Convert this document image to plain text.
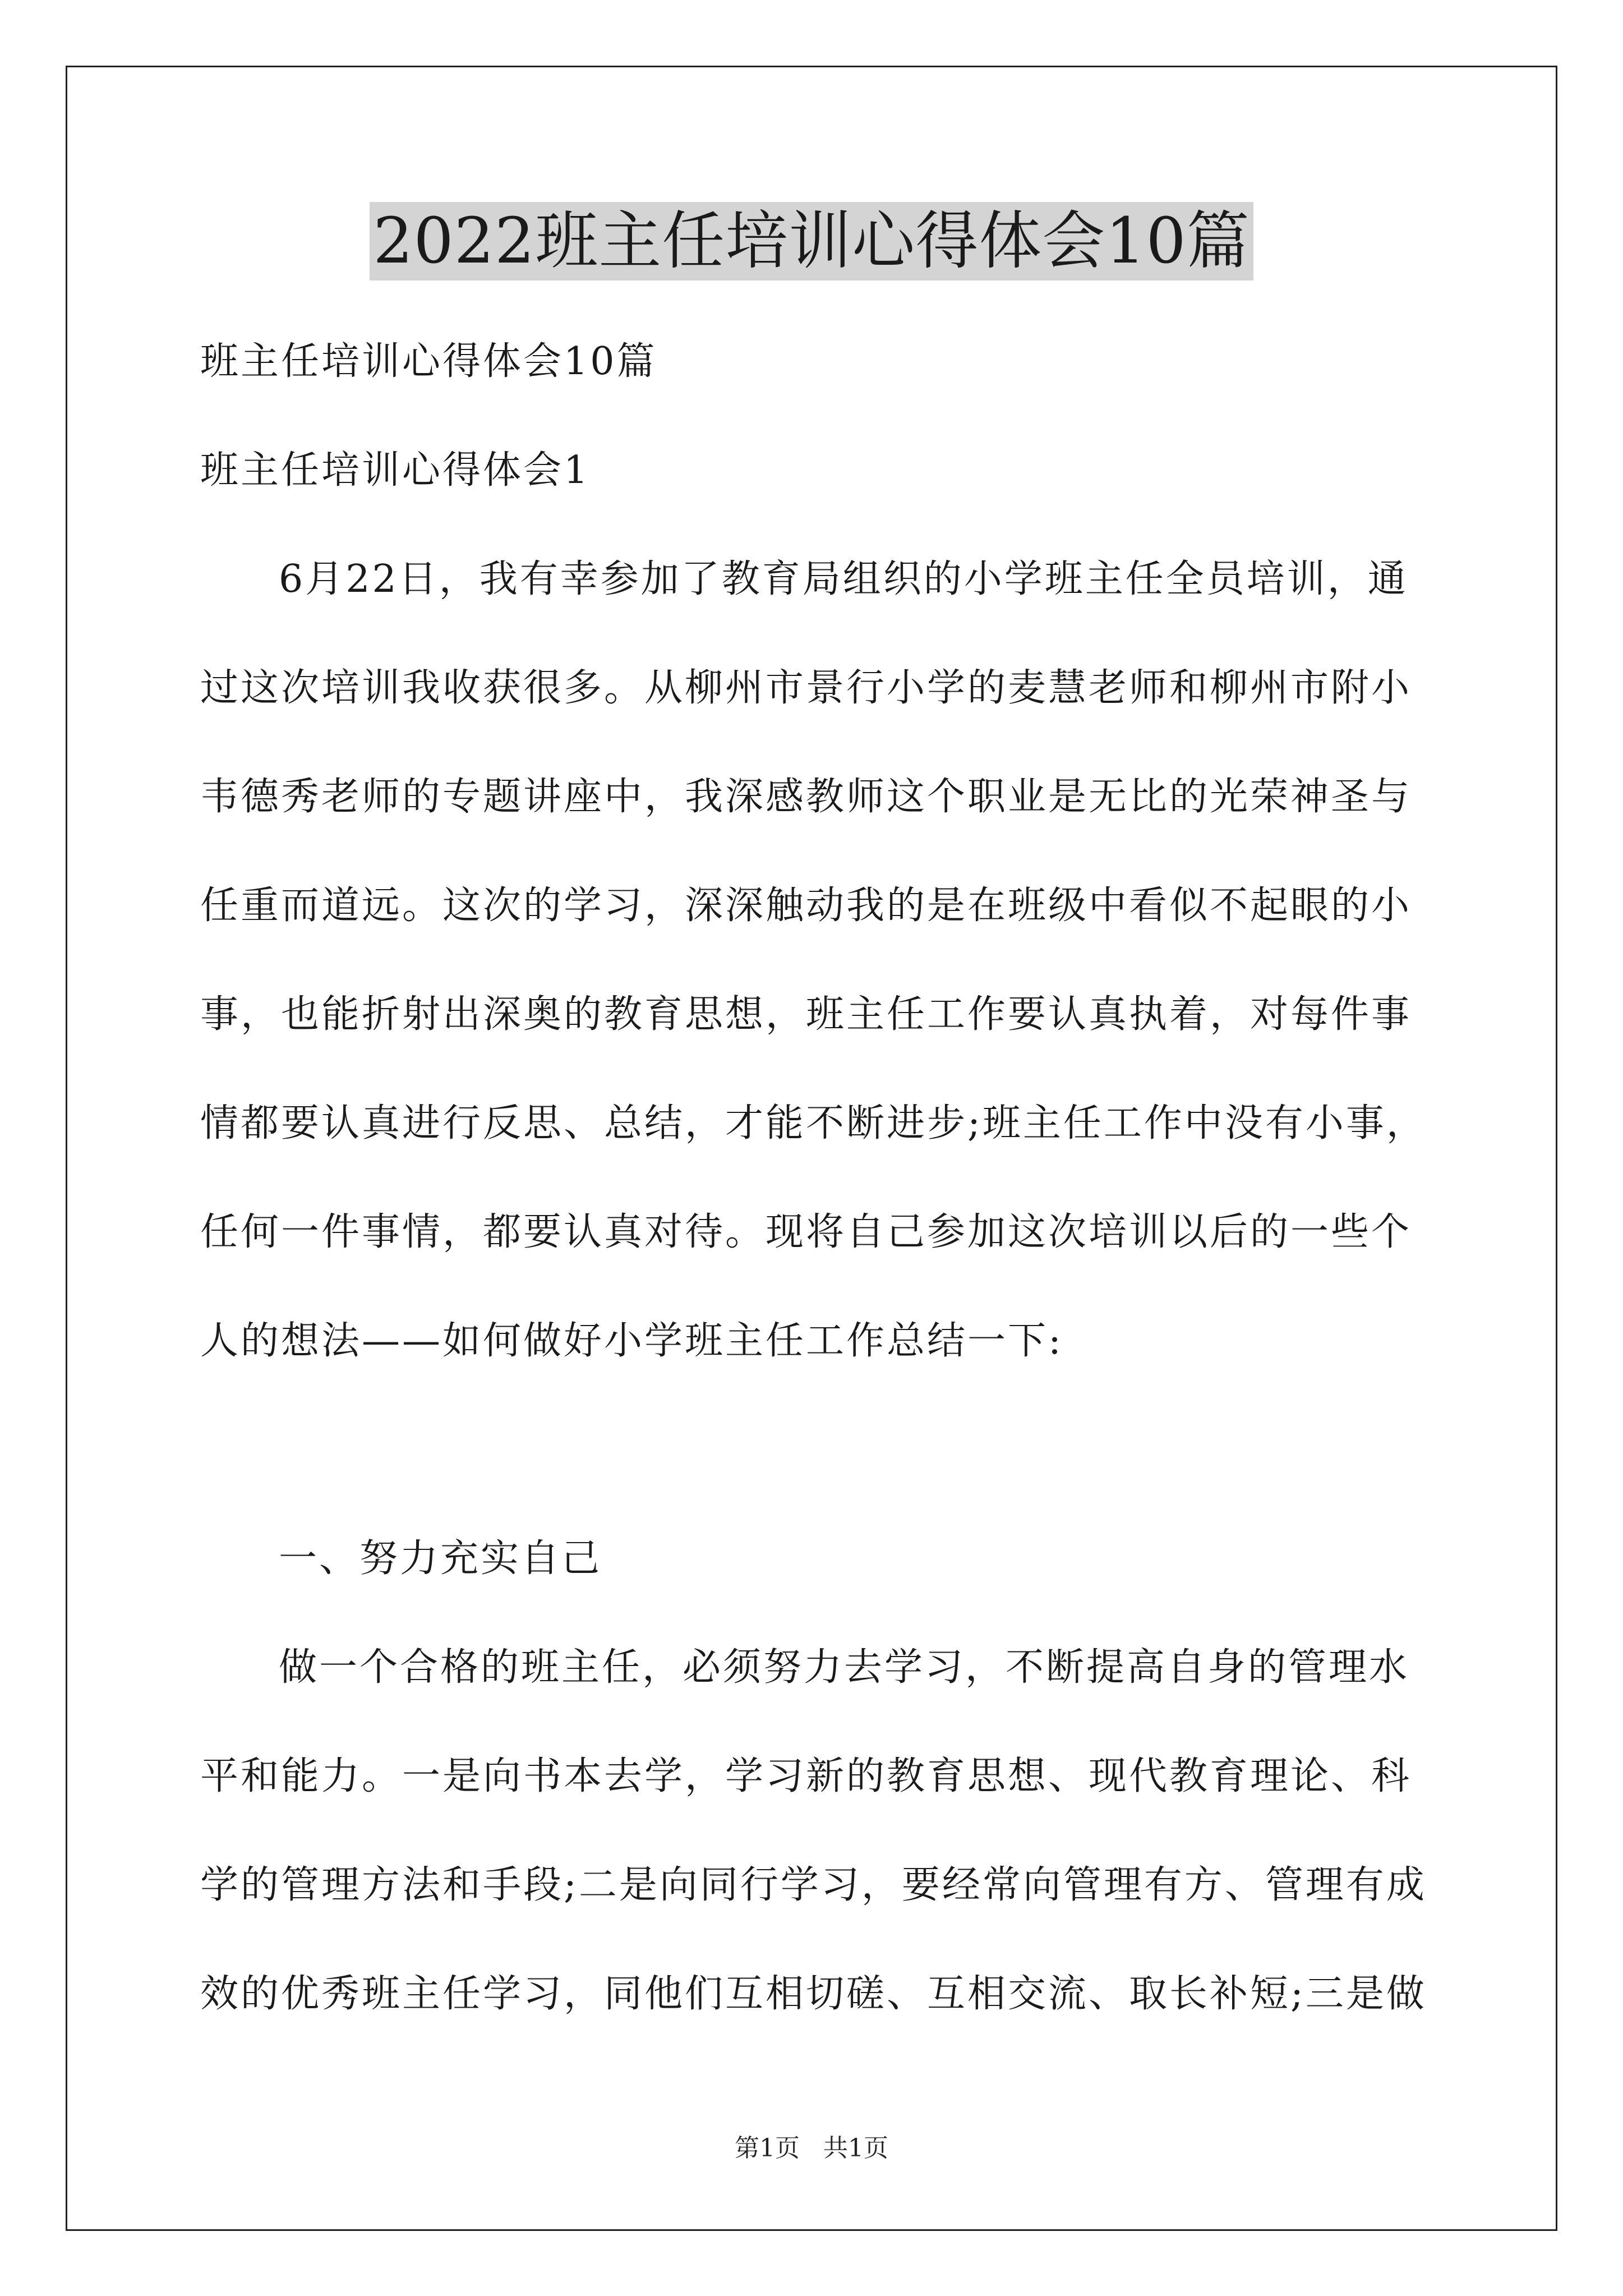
2022班主任培训心得体会10篇
班主任培训心得体会10篇
班主任培训心得体会1
6月22日，我有幸参加了教育局组织的小学班主任全员培训，通
过这次培训我收获很多。从柳州市景行小学的麦慧老师和柳州市附小
韦德秀老师的专题讲座中，我深感教师这个职业是无比的光荣神圣与
任重而道远。这次的学习，深深触动我的是在班级中看似不起眼的小
事，也能折射出深奥的教育思想，班主任工作要认真执着，对每件事
情都要认真进行反思、总结，才能不断进步;班主任工作中没有小事，
任何一件事情，都要认真对待。现将自己参加这次培训以后的一些个
人的想法——如何做好小学班主任工作总结一下:
一、努力充实自己
做一个合格的班主任，必须努力去学习，不断提高自身的管理水
平和能力。一是向书本去学，学习新的教育思想、现代教育理论、科
学的管理方法和手段;二是向同行学习，要经常向管理有方、管理有成
效的优秀班主任学习，同他们互相切磋、互相交流、取长补短;三是做
第1页 共1页
